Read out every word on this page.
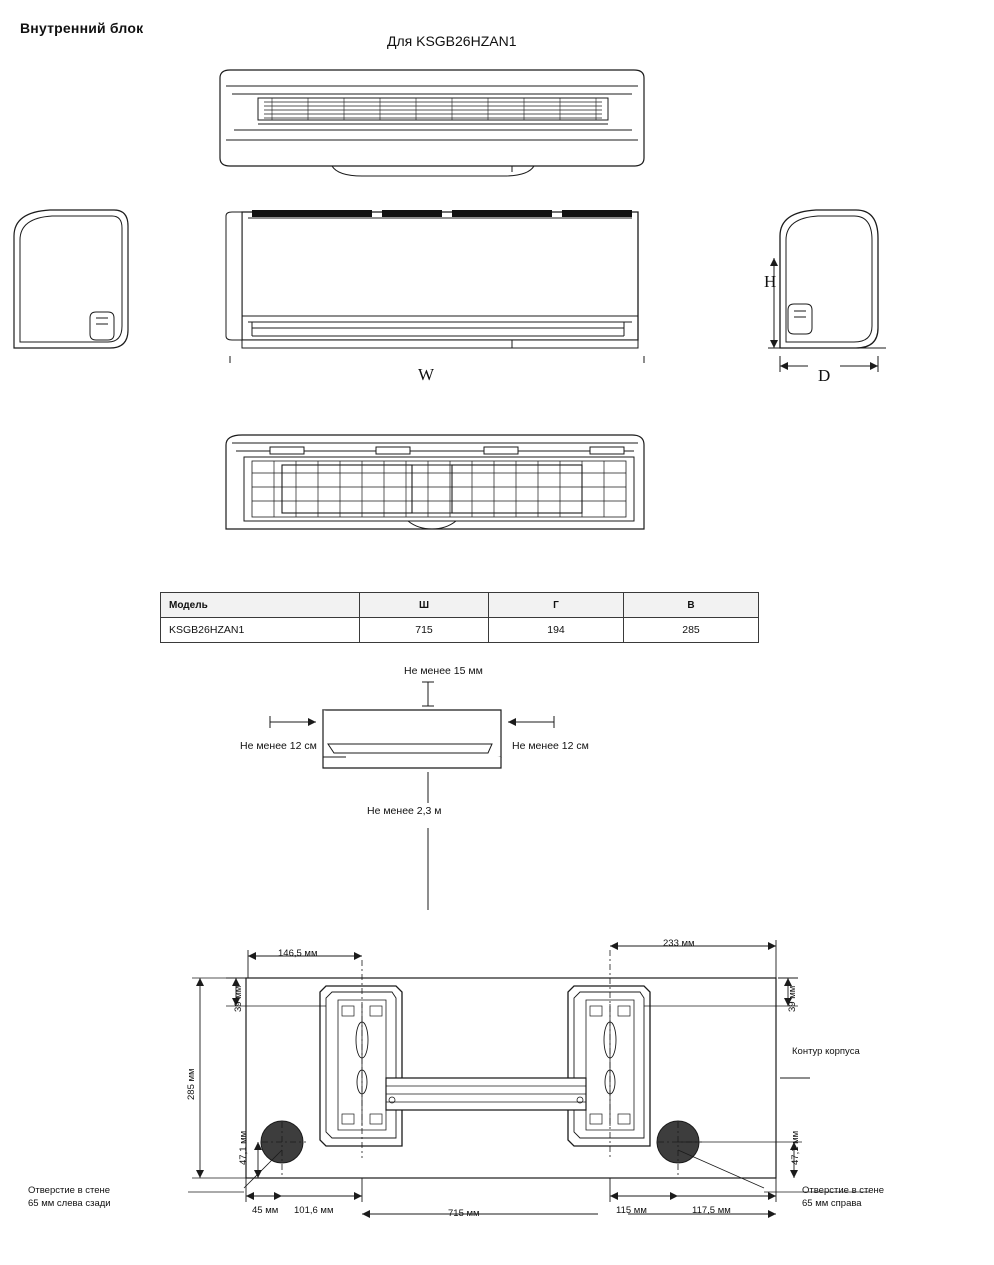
Внутренний блок
Для KSGB26HZAN1
W
H
D
Модель	Ш	Г	В
KSGB26HZAN1	715	194	285
Не менее 15 мм
Не менее 12 см	Не менее 12 см
Не менее 2,3 м
146,5 мм
233 мм
39 мм	39 мм
285 мм
47,1 мм	47,1 мм
45 мм 101,6 мм	115 мм	117,5 мм
715 мм
Контур корпуса
Отверстие в стене
65 мм слева сзади
Отверстие в стене
65 мм справа
